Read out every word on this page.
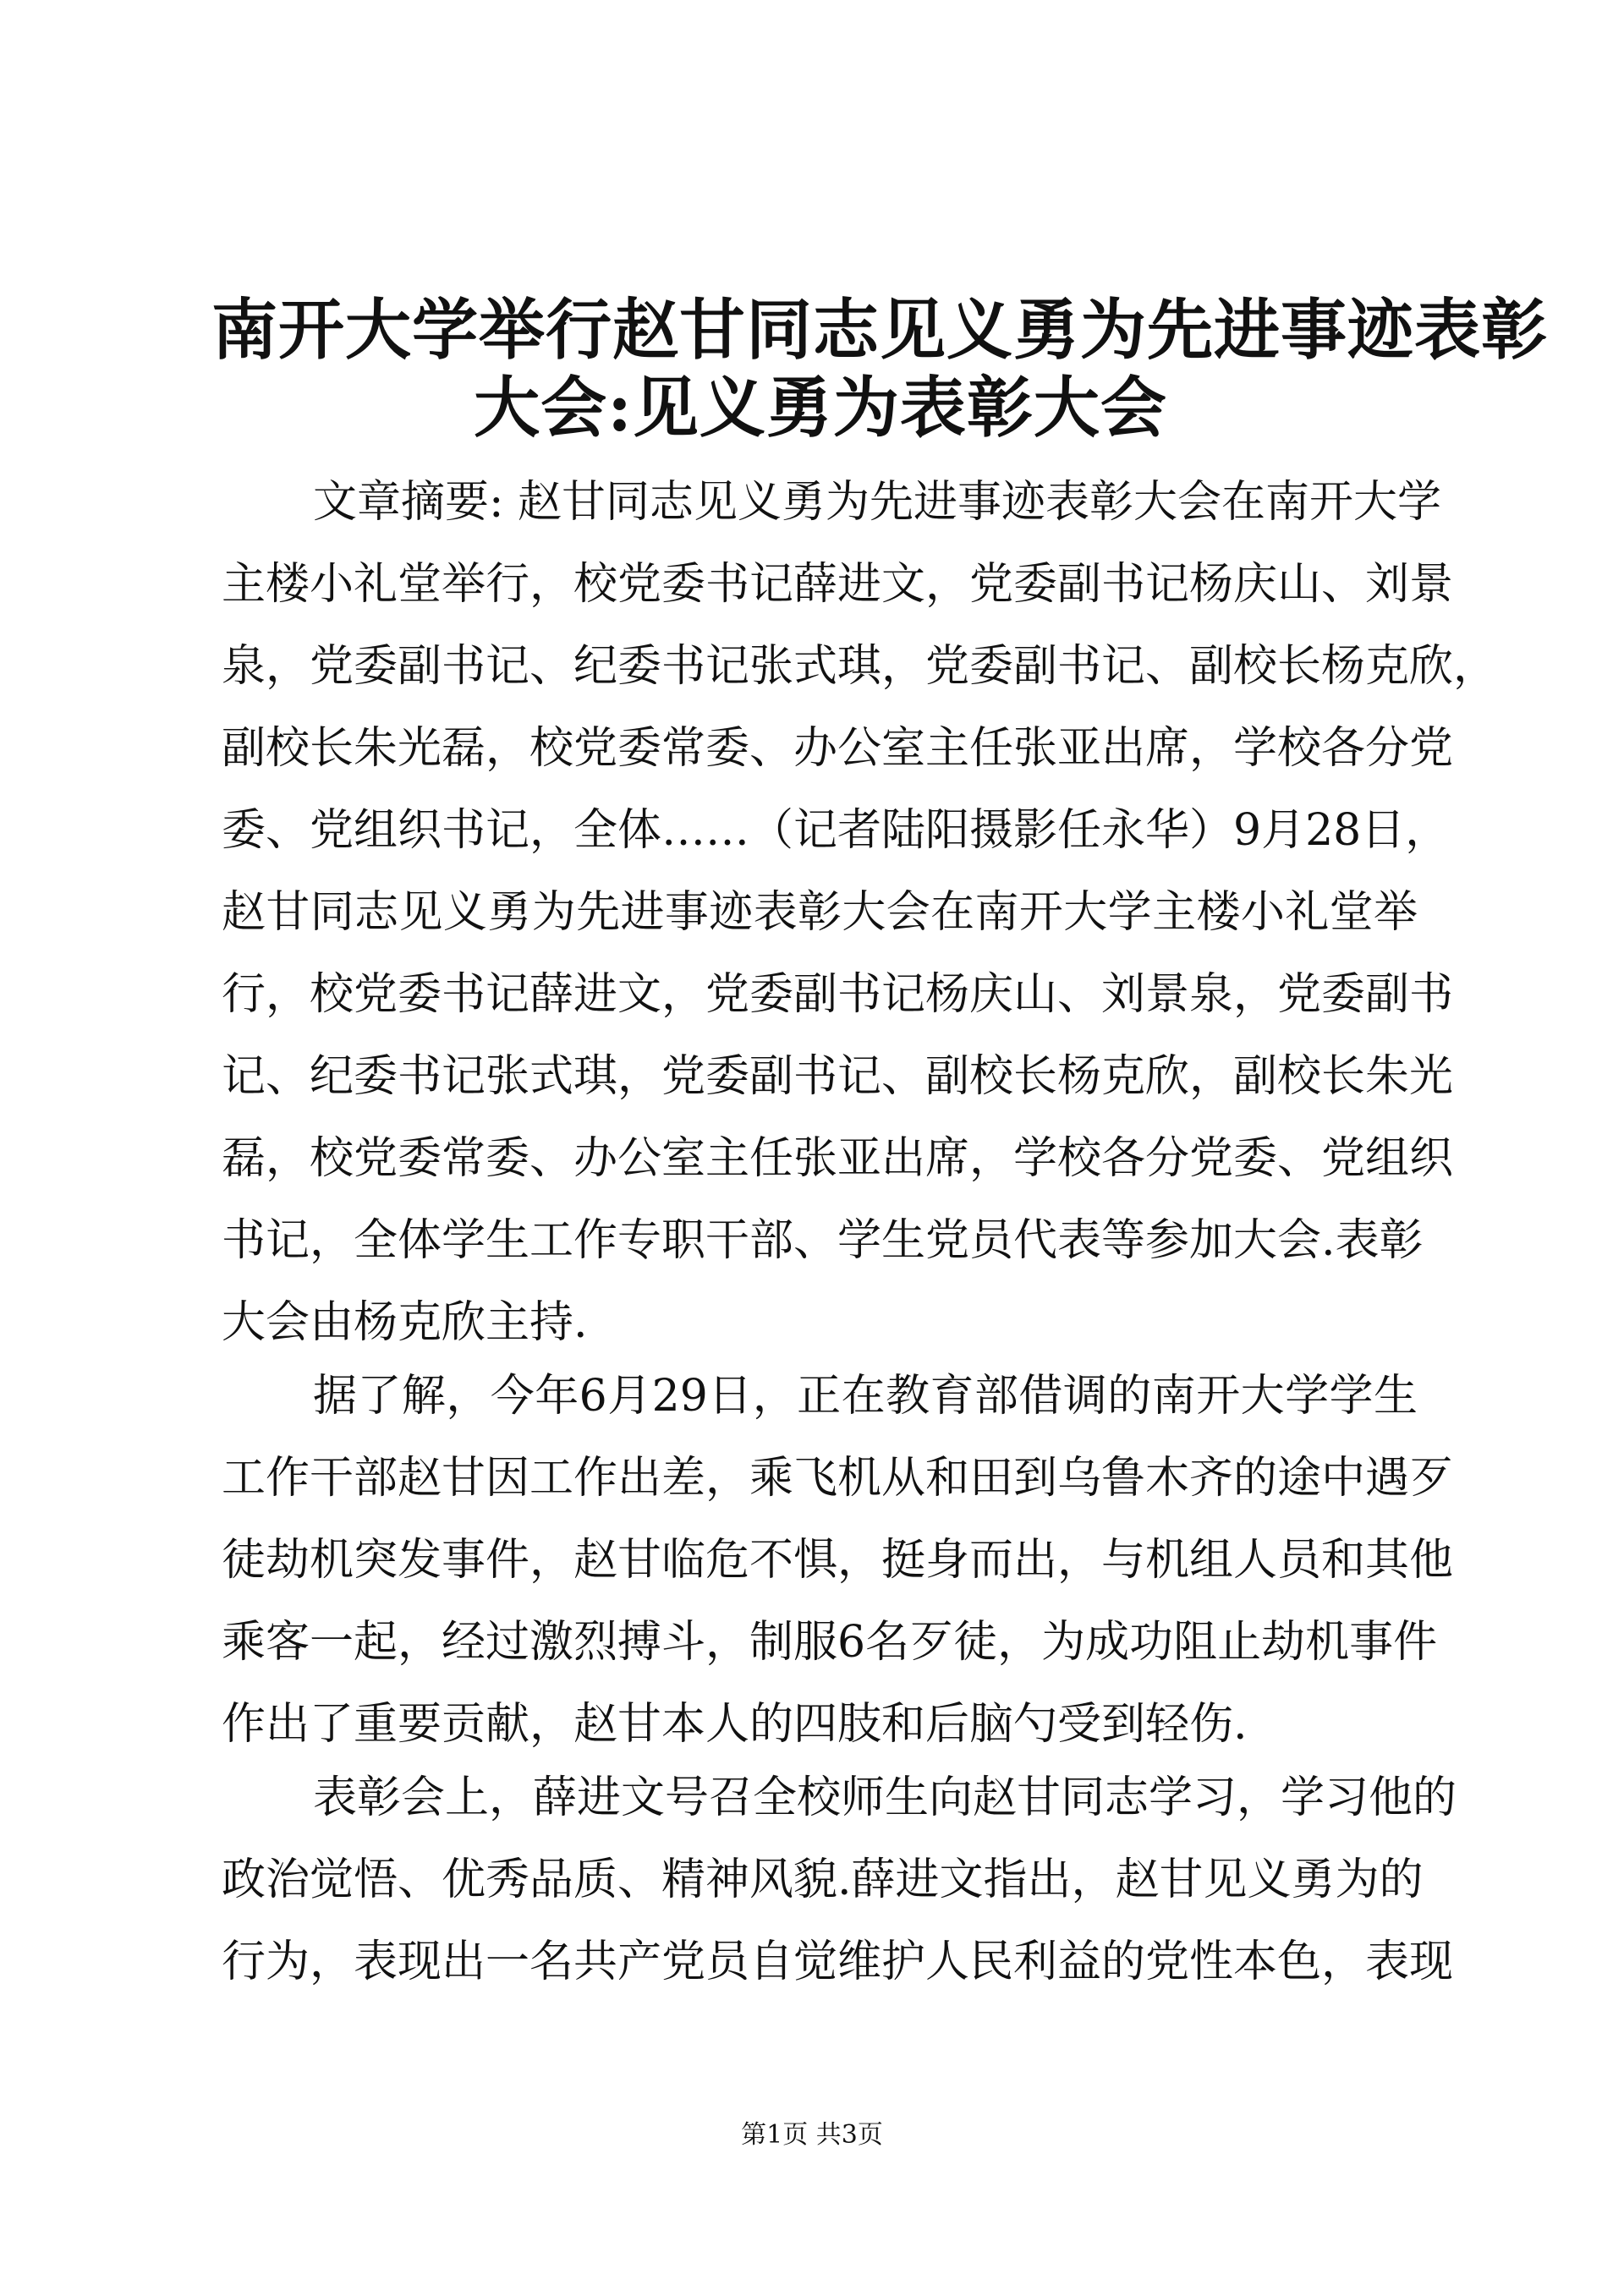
南开大学举行赵甘同志见义勇为先进事迹表彰
大会:见义勇为表彰大会
文章摘要: 赵甘同志见义勇为先进事迹表彰大会在南开大学
主楼小礼堂举行，校党委书记薛进文，党委副书记杨庆山、刘景
泉，党委副书记、纪委书记张式琪，党委副书记、副校长杨克欣，
副校长朱光磊，校党委常委、办公室主任张亚出席，学校各分党
委、党组织书记，全体……（记者陆阳摄影任永华）9月28日，
赵甘同志见义勇为先进事迹表彰大会在南开大学主楼小礼堂举
行，校党委书记薛进文，党委副书记杨庆山、刘景泉，党委副书
记、纪委书记张式琪，党委副书记、副校长杨克欣，副校长朱光
磊，校党委常委、办公室主任张亚出席，学校各分党委、党组织
书记，全体学生工作专职干部、学生党员代表等参加大会.表彰
大会由杨克欣主持.
据了解，今年6月29日，正在教育部借调的南开大学学生
工作干部赵甘因工作出差，乘飞机从和田到乌鲁木齐的途中遇歹
徒劫机突发事件，赵甘临危不惧，挺身而出，与机组人员和其他
乘客一起，经过激烈搏斗，制服6名歹徒，为成功阻止劫机事件
作出了重要贡献，赵甘本人的四肢和后脑勺受到轻伤.
表彰会上，薛进文号召全校师生向赵甘同志学习，学习他的
政治觉悟、优秀品质、精神风貌.薛进文指出，赵甘见义勇为的
行为，表现出一名共产党员自觉维护人民利益的党性本色，表现
第1页 共3页
